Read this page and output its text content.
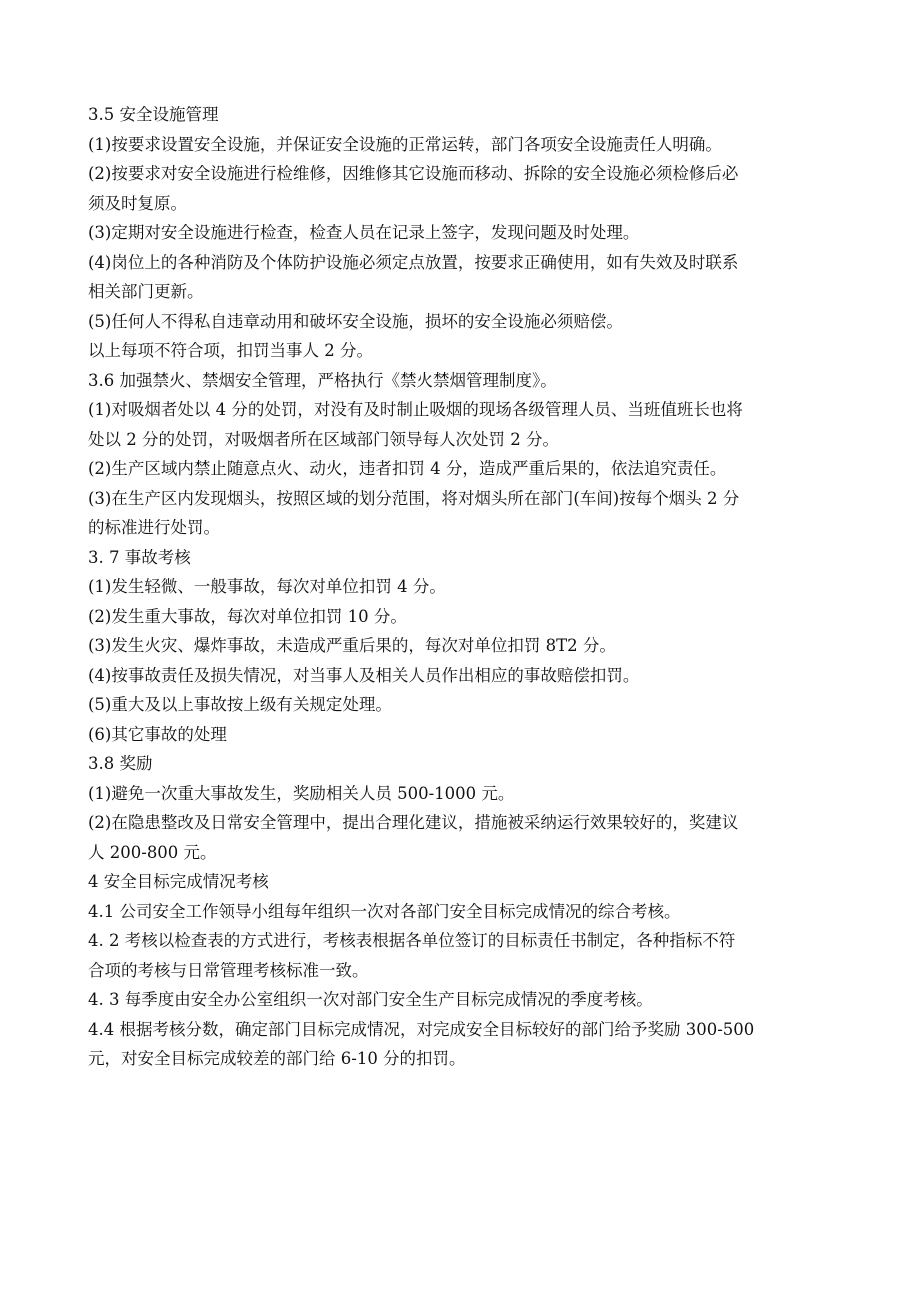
3.5 安全设施管理

(1)按要求设置安全设施，并保证安全设施的正常运转，部门各项安全设施责任人明确。

(2)按要求对安全设施进行检维修，因维修其它设施而移动、拆除的安全设施必须检修后必

须及时复原。

(3)定期对安全设施进行检查，检查人员在记录上签字，发现问题及时处理。

(4)岗位上的各种消防及个体防护设施必须定点放置，按要求正确使用，如有失效及时联系

相关部门更新。

(5)任何人不得私自违章动用和破坏安全设施，损坏的安全设施必须赔偿。

以上每项不符合项，扣罚当事人 2 分。

3.6 加强禁火、禁烟安全管理，严格执行《禁火禁烟管理制度》。

(1)对吸烟者处以 4 分的处罚，对没有及时制止吸烟的现场各级管理人员、当班值班长也将

处以 2 分的处罚，对吸烟者所在区域部门领导每人次处罚 2 分。

(2)生产区域内禁止随意点火、动火，违者扣罚 4 分，造成严重后果的，依法追究责任。

(3)在生产区内发现烟头，按照区域的划分范围，将对烟头所在部门(车间)按每个烟头 2 分

的标准进行处罚。

3. 7 事故考核

(1)发生轻微、一般事故，每次对单位扣罚 4 分。

(2)发生重大事故，每次对单位扣罚 10 分。

(3)发生火灾、爆炸事故，未造成严重后果的，每次对单位扣罚 8T2 分。

(4)按事故责任及损失情况，对当事人及相关人员作出相应的事故赔偿扣罚。

(5)重大及以上事故按上级有关规定处理。

(6)其它事故的处理

3.8 奖励

(1)避免一次重大事故发生，奖励相关人员 500-1000 元。

(2)在隐患整改及日常安全管理中，提出合理化建议，措施被采纳运行效果较好的，奖建议

人 200-800 元。

4 安全目标完成情况考核

4.1 公司安全工作领导小组每年组织一次对各部门安全目标完成情况的综合考核。

4. 2 考核以检查表的方式进行，考核表根据各单位签订的目标责任书制定，各种指标不符

合项的考核与日常管理考核标准一致。

4. 3 每季度由安全办公室组织一次对部门安全生产目标完成情况的季度考核。

4.4 根据考核分数，确定部门目标完成情况，对完成安全目标较好的部门给予奖励 300-500

元，对安全目标完成较差的部门给 6-10 分的扣罚。
